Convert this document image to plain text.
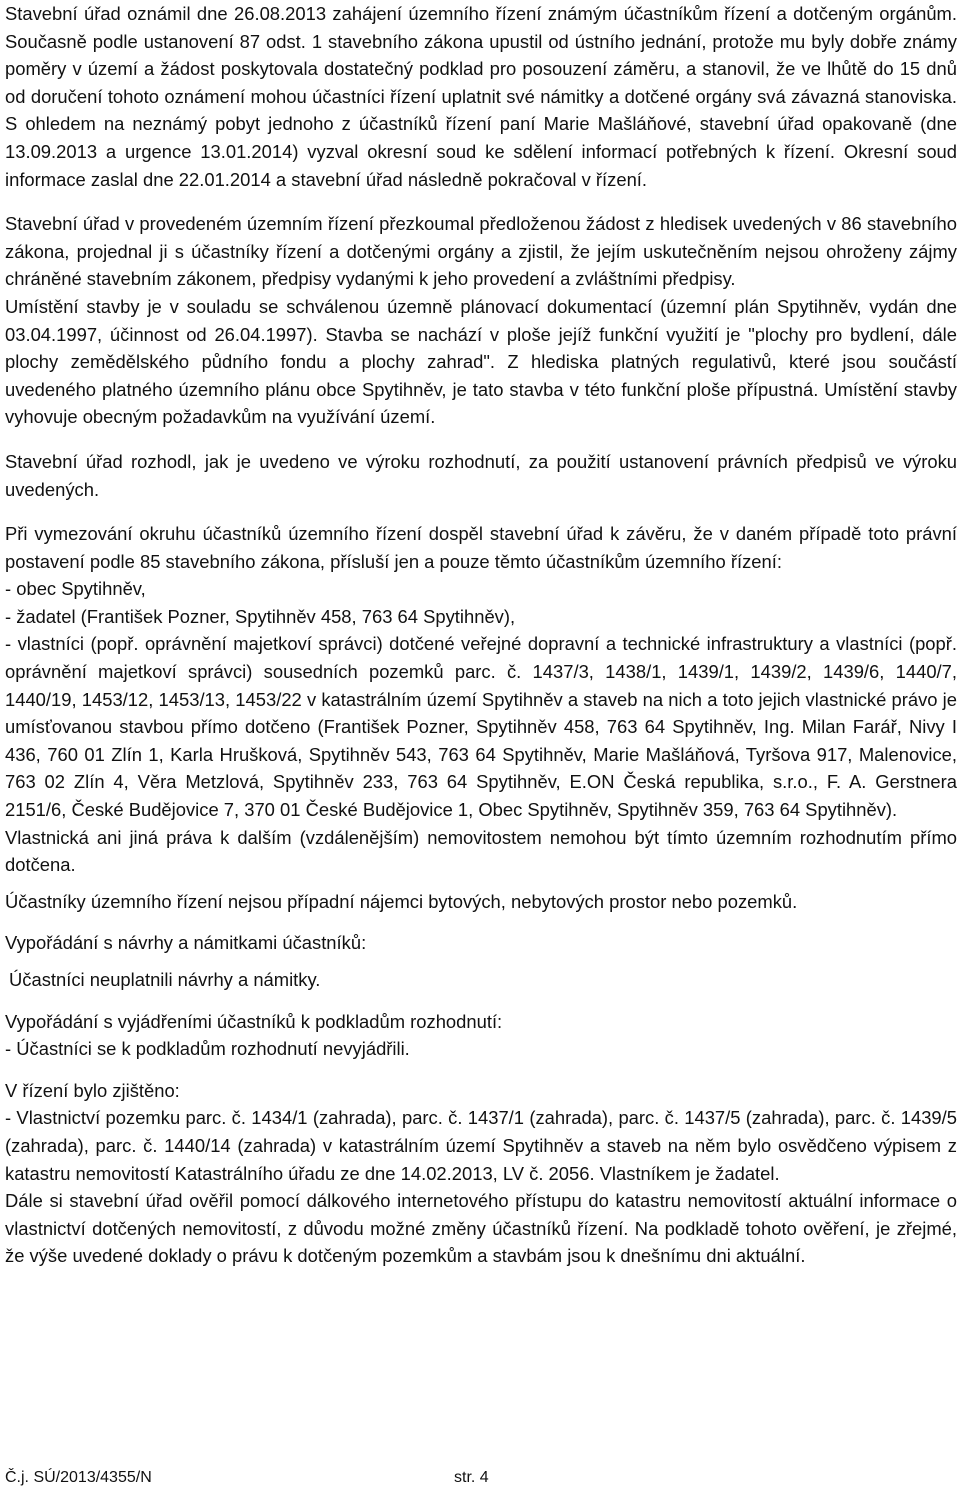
Stavební úřad oznámil dne 26.08.2013 zahájení územního řízení známým účastníkům řízení a dotčeným orgánům. Současně podle ustanovení 87 odst. 1 stavebního zákona upustil od ústního jednání, protože mu byly dobře známy poměry v území a žádost poskytovala dostatečný podklad pro posouzení záměru, a stanovil, že ve lhůtě do 15 dnů od doručení tohoto oznámení mohou účastníci řízení uplatnit své námitky a dotčené orgány svá závazná stanoviska. S ohledem na neznámý pobyt jednoho z účastníků řízení paní Marie Mašláňové, stavební úřad opakovaně (dne 13.09.2013 a urgence 13.01.2014) vyzval okresní soud ke sdělení informací potřebných k řízení. Okresní soud informace zaslal dne 22.01.2014 a stavební úřad následně pokračoval v řízení.

Stavební úřad v provedeném územním řízení přezkoumal předloženou žádost z hledisek uvedených v 86 stavebního zákona, projednal ji s účastníky řízení a dotčenými orgány a zjistil, že jejím uskutečněním nejsou ohroženy zájmy chráněné stavebním zákonem, předpisy vydanými k jeho provedení a zvláštními předpisy.

Umístění stavby je v souladu se schválenou územně plánovací dokumentací (územní plán Spytihněv, vydán dne 03.04.1997, účinnost od 26.04.1997). Stavba se nachází v ploše jejíž funkční využití je "plochy pro bydlení, dále plochy zemědělského půdního fondu a plochy zahrad". Z hlediska platných regulativů, které jsou součástí uvedeného platného územního plánu obce Spytihněv, je tato stavba v této funkční ploše přípustná. Umístění stavby vyhovuje obecným požadavkům na využívání území.

Stavební úřad rozhodl, jak je uvedeno ve výroku rozhodnutí, za použití ustanovení právních předpisů ve výroku uvedených.

Při vymezování okruhu účastníků územního řízení dospěl stavební úřad k závěru, že v daném případě toto právní postavení podle 85 stavebního zákona, přísluší jen a pouze těmto účastníkům územního řízení:

- obec Spytihněv,

- žadatel (František Pozner, Spytihněv 458, 763 64 Spytihněv),

- vlastníci (popř. oprávnění majetkoví správci) dotčené veřejné dopravní a technické infrastruktury a vlastníci (popř. oprávnění majetkoví správci) sousedních pozemků parc. č. 1437/3, 1438/1, 1439/1, 1439/2, 1439/6, 1440/7, 1440/19, 1453/12, 1453/13, 1453/22 v katastrálním území Spytihněv a staveb na nich a toto jejich vlastnické právo je umísťovanou stavbou přímo dotčeno (František Pozner, Spytihněv 458, 763 64 Spytihněv, Ing. Milan Farář, Nivy I 436, 760 01 Zlín 1, Karla Hrušková, Spytihněv 543, 763 64 Spytihněv, Marie Mašláňová, Tyršova 917, Malenovice, 763 02 Zlín 4, Věra Metzlová, Spytihněv 233, 763 64 Spytihněv, E.ON Česká republika, s.r.o., F. A. Gerstnera 2151/6, České Budějovice 7, 370 01 České Budějovice 1, Obec Spytihněv, Spytihněv 359, 763 64 Spytihněv).

Vlastnická ani jiná práva k dalším (vzdálenějším) nemovitostem nemohou být tímto územním rozhodnutím přímo dotčena.

Účastníky územního řízení nejsou případní nájemci bytových, nebytových prostor nebo pozemků.

Vypořádání s návrhy a námitkami účastníků:

Účastníci neuplatnili návrhy a námitky.

Vypořádání s vyjádřeními účastníků k podkladům rozhodnutí:

- Účastníci se k podkladům rozhodnutí nevyjádřili.

V řízení bylo zjištěno:

- Vlastnictví pozemku parc. č. 1434/1 (zahrada), parc. č. 1437/1 (zahrada), parc. č. 1437/5 (zahrada), parc. č. 1439/5 (zahrada), parc. č. 1440/14 (zahrada) v katastrálním území Spytihněv a staveb na něm bylo osvědčeno výpisem z katastru nemovitostí Katastrálního úřadu ze dne 14.02.2013, LV č. 2056. Vlastníkem je žadatel.

Dále si stavební úřad ověřil pomocí dálkového internetového přístupu do katastru nemovitostí aktuální informace o vlastnictví dotčených nemovitostí, z důvodu možné změny účastníků řízení. Na podkladě tohoto ověření, je zřejmé, že výše uvedené doklady o právu k dotčeným pozemkům a stavbám jsou k dnešnímu dni aktuální.

Č.j. SÚ/2013/4355/N	str. 4
